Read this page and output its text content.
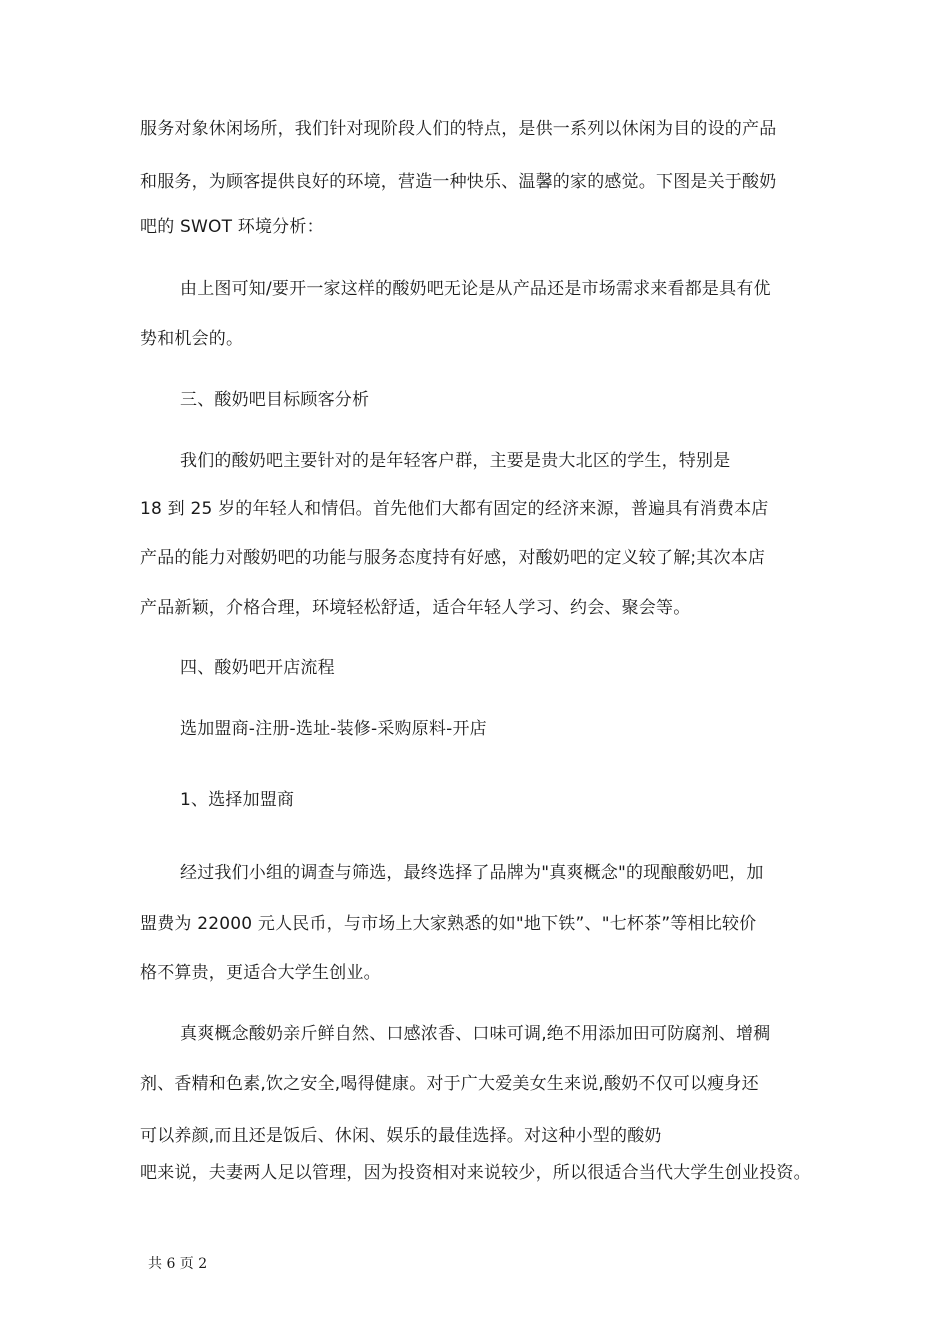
服务对象休闲场所，我们针对现阶段人们的特点，是供一系列以休闲为目的设的产品
和服务，为顾客提供良好的环境，营造一种快乐、温馨的家的感觉。下图是关于酸奶
吧的 SWOT 环境分析：
由上图可知/要开一家这样的酸奶吧无论是从产品还是市场需求来看都是具有优
势和机会的。
三、酸奶吧目标顾客分析
我们的酸奶吧主要针对的是年轻客户群，主要是贵大北区的学生，特别是
18 到 25 岁的年轻人和情侣。首先他们大都有固定的经济来源，普遍具有消费本店
产品的能力对酸奶吧的功能与服务态度持有好感，对酸奶吧的定义较了解;其次本店
产品新颖，介格合理，环境轻松舒适，适合年轻人学习、约会、聚会等。
四、酸奶吧开店流程
选加盟商-注册-选址-装修-采购原料-开店
1、选择加盟商
经过我们小组的调查与筛选，最终选择了品牌为"真爽概念"的现酿酸奶吧，加
盟费为 22000 元人民币，与市场上大家熟悉的如"地下铁”、"七杯茶”等相比较价
格不算贵，更适合大学生创业。
真爽概念酸奶亲斤鲜自然、口感浓香、口味可调,绝不用添加田可防腐剂、增稠
剂、香精和色素,饮之安全,喝得健康。对于广大爱美女生来说,酸奶不仅可以瘦身还
可以养颜,而且还是饭后、休闲、娱乐的最佳选择。对这种小型的酸奶
吧来说，夫妻两人足以管理，因为投资相对来说较少，所以很适合当代大学生创业投资。
共 6 页 2
